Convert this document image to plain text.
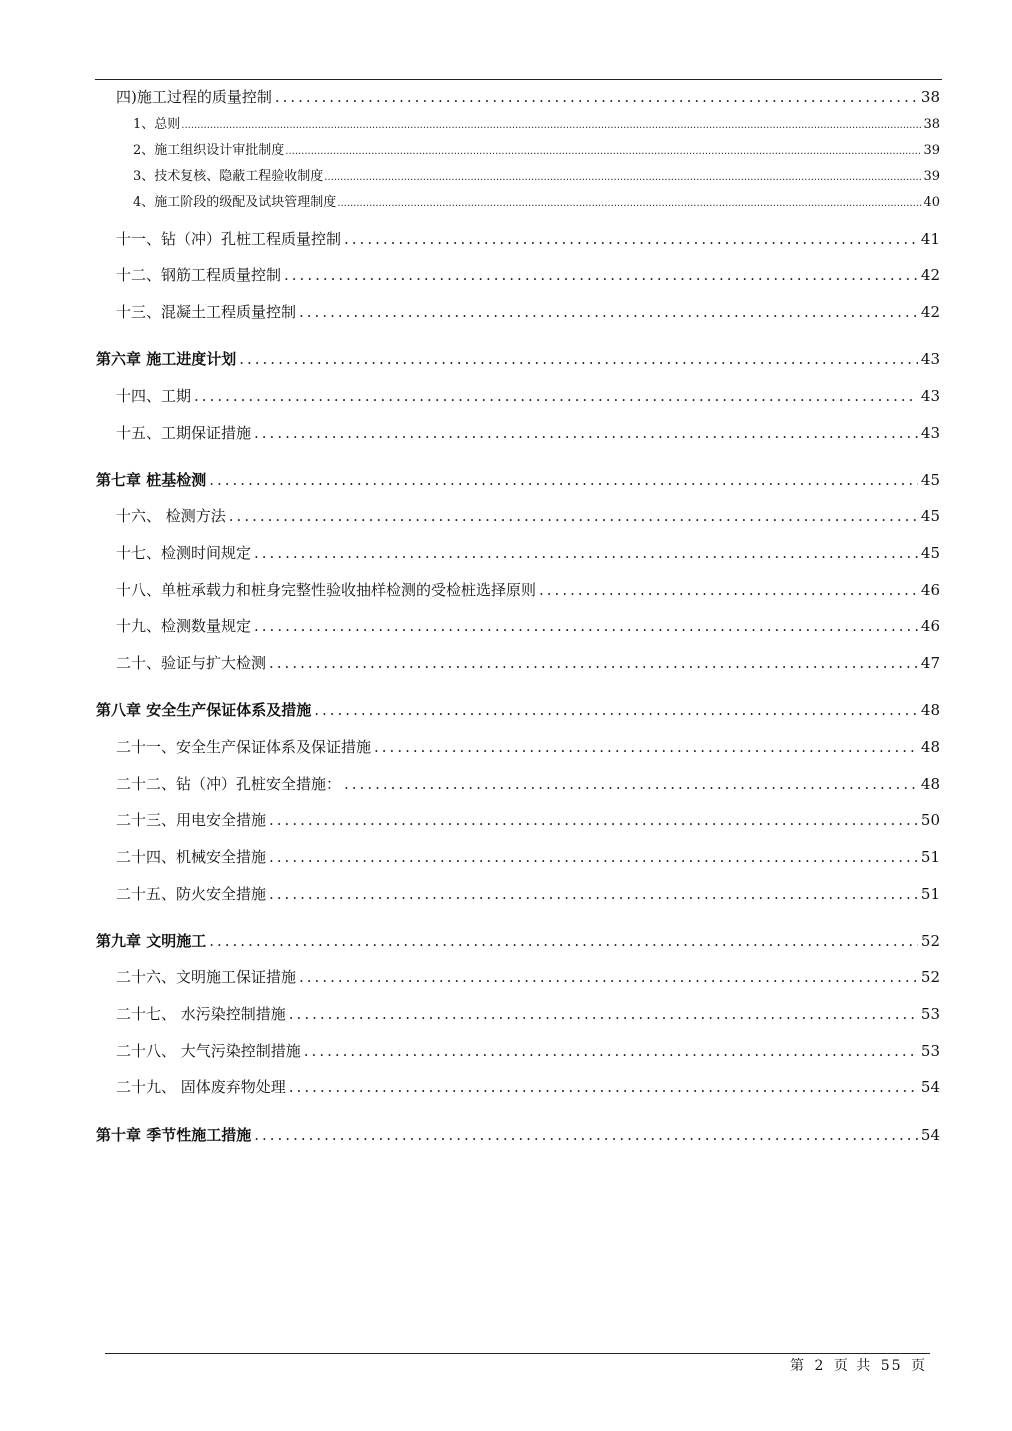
四)施工过程的质量控制 .....	38
1、总则 .....	38
2、施工组织设计审批制度 .....	39
3、技术复核、隐蔽工程验收制度 .....	39
4、施工阶段的级配及试块管理制度 .....	40
十一、钻（冲）孔桩工程质量控制 .....	41
十二、钢筋工程质量控制 .....	42
十三、混凝土工程质量控制 .....	42
第六章 施工进度计划 .....	43
十四、工期 .....	43
十五、工期保证措施 .....	43
第七章 桩基检测 .....	45
十六、 检测方法 .....	45
十七、检测时间规定 .....	45
十八、单桩承载力和桩身完整性验收抽样检测的受检桩选择原则 .....	46
十九、检测数量规定 .....	46
二十、验证与扩大检测 .....	47
第八章 安全生产保证体系及措施 .....	48
二十一、安全生产保证体系及保证措施 .....	48
二十二、钻（冲）孔桩安全措施： .....	48
二十三、用电安全措施 .....	50
二十四、机械安全措施 .....	51
二十五、防火安全措施 .....	51
第九章 文明施工 .....	52
二十六、文明施工保证措施 .....	52
二十七、 水污染控制措施 .....	53
二十八、 大气污染控制措施 .....	53
二十九、 固体废弃物处理 .....	54
第十章 季节性施工措施 .....	54
第 2 页 共 55 页
